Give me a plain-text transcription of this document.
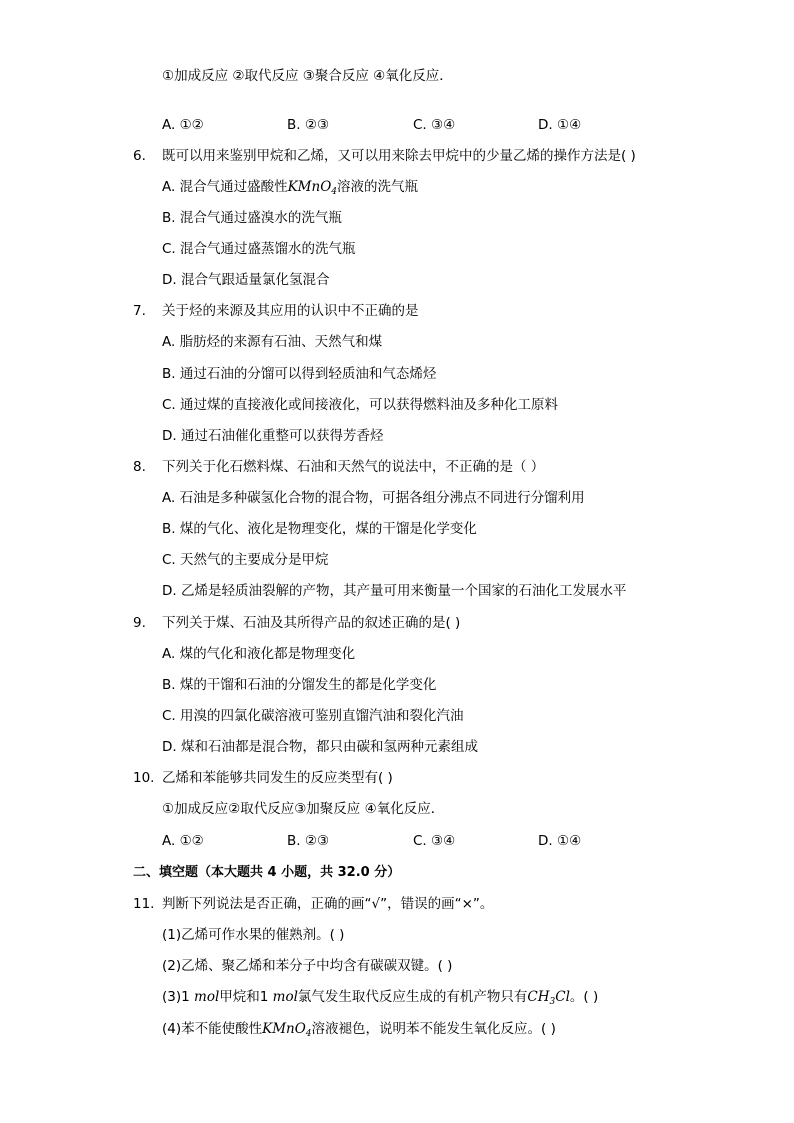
①加成反应 ②取代反应 ③聚合反应 ④氧化反应．
A. ①②	B. ②③	C. ③④	D. ①④
6. 既可以用来鉴别甲烷和乙烯，又可以用来除去甲烷中的少量乙烯的操作方法是( )
A. 混合气通过盛酸性KMnO$_4$溶液的洗气瓶
B. 混合气通过盛溴水的洗气瓶
C. 混合气通过盛蒸馏水的洗气瓶
D. 混合气跟适量氯化氢混合
7. 关于烃的来源及其应用的认识中不正确的是
A. 脂肪烃的来源有石油、天然气和煤
B. 通过石油的分馏可以得到轻质油和气态烯烃
C. 通过煤的直接液化或间接液化，可以获得燃料油及多种化工原料
D. 通过石油催化重整可以获得芳香烃
8. 下列关于化石燃料煤、石油和天然气的说法中，不正确的是（ ）
A. 石油是多种碳氢化合物的混合物，可据各组分沸点不同进行分馏利用
B. 煤的气化、液化是物理变化，煤的干馏是化学变化
C. 天然气的主要成分是甲烷
D. 乙烯是轻质油裂解的产物，其产量可用来衡量一个国家的石油化工发展水平
9. 下列关于煤、石油及其所得产品的叙述正确的是( )
A. 煤的气化和液化都是物理变化
B. 煤的干馏和石油的分馏发生的都是化学变化
C. 用溴的四氯化碳溶液可鉴别直馏汽油和裂化汽油
D. 煤和石油都是混合物，都只由碳和氢两种元素组成
10. 乙烯和苯能够共同发生的反应类型有( )
①加成反应②取代反应③加聚反应 ④氧化反应．
A. ①②	B. ②③	C. ③④	D. ①④
二、填空题（本大题共 4 小题，共 32.0 分）
11. 判断下列说法是否正确，正确的画“√”，错误的画“×”。
(1)乙烯可作水果的催熟剂。( )
(2)乙烯、聚乙烯和苯分子中均含有碳碳双键。( )
(3)1 mol甲烷和1 mol氯气发生取代反应生成的有机产物只有$CH_3Cl$。( )
(4)苯不能使酸性KMnO$_4$溶液褪色，说明苯不能发生氧化反应。( )
